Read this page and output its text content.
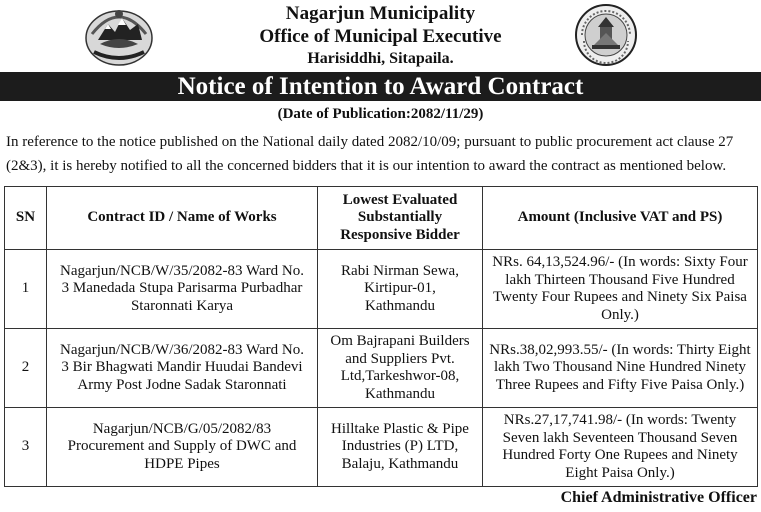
Nagarjun Municipality
Office of Municipal Executive
Harisiddhi, Sitapaila.
Notice of Intention to Award Contract
(Date of Publication:2082/11/29)
In reference to the notice published on the National daily dated 2082/10/09; pursuant to public procurement act clause 27 (2&3), it is hereby notified to all the concerned bidders that it is our intention to award the contract as mentioned below.
SN	Contract ID / Name of Works	Lowest Evaluated Substantially Responsive Bidder	Amount (Inclusive VAT and PS)
1	Nagarjun/NCB/W/35/2082-83 Ward No. 3 Manedada Stupa Parisarma Purbadhar Staronnati Karya	Rabi Nirman Sewa, Kirtipur-01, Kathmandu	NRs. 64,13,524.96/- (In words: Sixty Four lakh Thirteen Thousand Five Hundred Twenty Four Rupees and Ninety Six Paisa Only.)
2	Nagarjun/NCB/W/36/2082-83 Ward No. 3 Bir Bhagwati Mandir Huudai Bandevi Army Post Jodne Sadak Staronnati	Om Bajrapani Builders and Suppliers Pvt. Ltd,Tarkeshwor-08, Kathmandu	NRs.38,02,993.55/- (In words: Thirty Eight lakh Two Thousand Nine Hundred Ninety Three Rupees and Fifty Five Paisa Only.)
3	Nagarjun/NCB/G/05/2082/83 Procurement and Supply of DWC and HDPE Pipes	Hilltake Plastic & Pipe Industries (P) LTD, Balaju, Kathmandu	NRs.27,17,741.98/- (In words: Twenty Seven lakh Seventeen Thousand Seven Hundred Forty One Rupees and Ninety Eight Paisa Only.)
Chief Administrative Officer
